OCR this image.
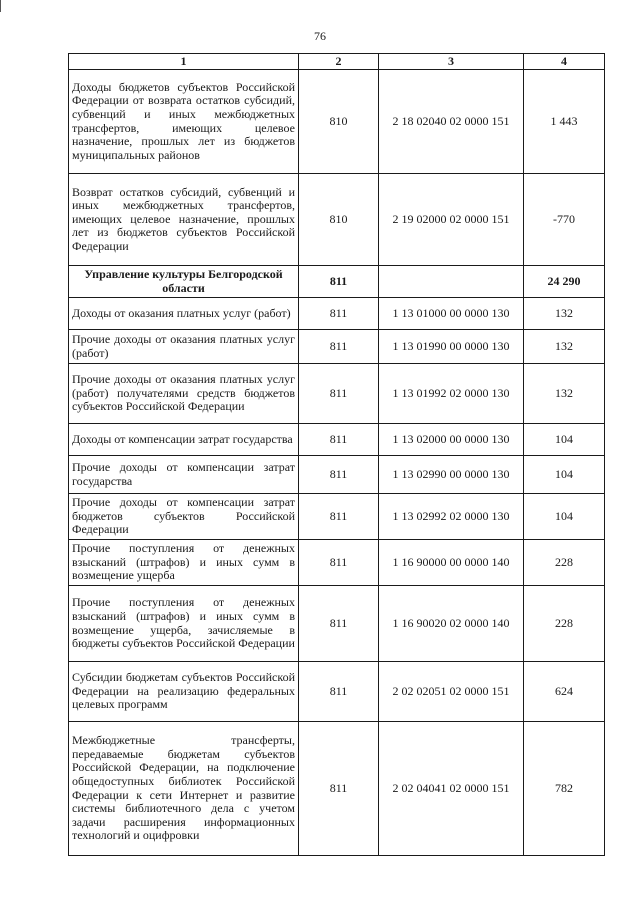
76
1	2	3	4
Доходы бюджетов субъектов Российской Федерации от возврата остатков субсидий, субвенций и иных межбюджетных трансфертов, имеющих целевое назначение, прошлых лет из бюджетов муниципальных районов	810	2 18 02040 02 0000 151	1 443
Возврат остатков субсидий, субвенций и иных межбюджетных трансфертов, имеющих целевое назначение, прошлых лет из бюджетов субъектов Российской Федерации	810	2 19 02000 02 0000 151	-770
Управление культуры Белгородской области	811		24 290
Доходы от оказания платных услуг (работ)	811	1 13 01000 00 0000 130	132
Прочие доходы от оказания платных услуг (работ)	811	1 13 01990 00 0000 130	132
Прочие доходы от оказания платных услуг (работ) получателями средств бюджетов субъектов Российской Федерации	811	1 13 01992 02 0000 130	132
Доходы от компенсации затрат государства	811	1 13 02000 00 0000 130	104
Прочие доходы от компенсации затрат государства	811	1 13 02990 00 0000 130	104
Прочие доходы от компенсации затрат бюджетов субъектов Российской Федерации	811	1 13 02992 02 0000 130	104
Прочие поступления от денежных взысканий (штрафов) и иных сумм в возмещение ущерба	811	1 16 90000 00 0000 140	228
Прочие поступления от денежных взысканий (штрафов) и иных сумм в возмещение ущерба, зачисляемые в бюджеты субъектов Российской Федерации	811	1 16 90020 02 0000 140	228
Субсидии бюджетам субъектов Российской Федерации на реализацию федеральных целевых программ	811	2 02 02051 02 0000 151	624
Межбюджетные трансферты, передаваемые бюджетам субъектов Российской Федерации, на подключение общедоступных библиотек Российской Федерации к сети Интернет и развитие системы библиотечного дела с учетом задачи расширения информационных технологий и оцифровки	811	2 02 04041 02 0000 151	782
